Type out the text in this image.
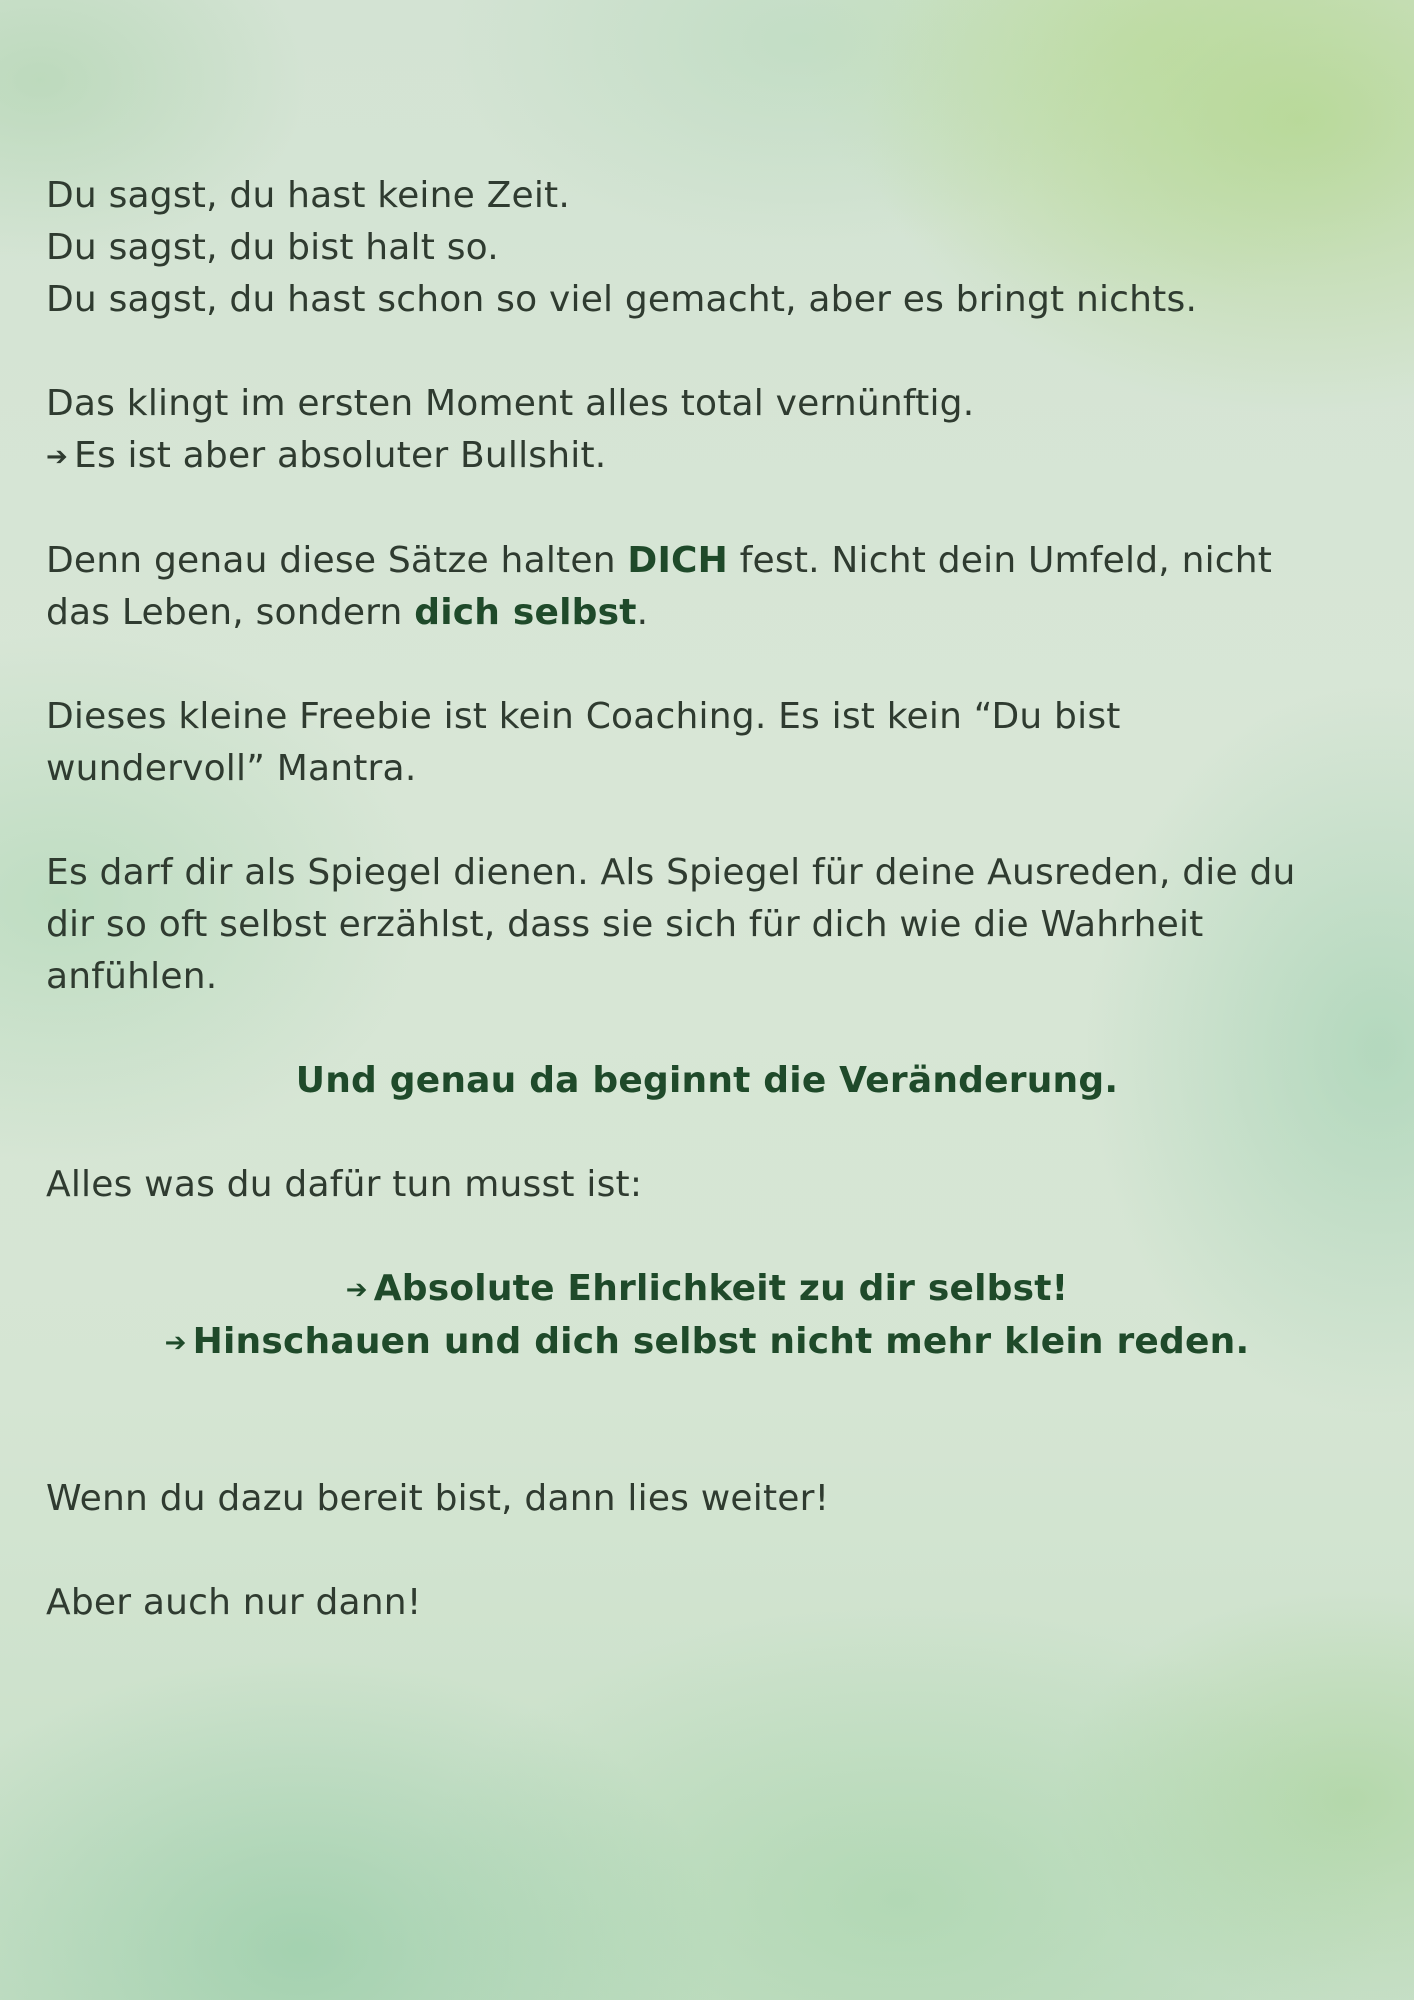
Du sagst, du hast keine Zeit.

Du sagst, du bist halt so.

Du sagst, du hast schon so viel gemacht, aber es bringt nichts.

Das klingt im ersten Moment alles total vernünftig.

➔ Es ist aber absoluter Bullshit.

Denn genau diese Sätze halten DICH fest. Nicht dein Umfeld, nicht

das Leben, sondern dich selbst.

Dieses kleine Freebie ist kein Coaching. Es ist kein “Du bist

wundervoll” Mantra.

Es darf dir als Spiegel dienen. Als Spiegel für deine Ausreden, die du

dir so oft selbst erzählst, dass sie sich für dich wie die Wahrheit

anfühlen.

Und genau da beginnt die Veränderung.

Alles was du dafür tun musst ist:

➔ Absolute Ehrlichkeit zu dir selbst!

➔ Hinschauen und dich selbst nicht mehr klein reden.

Wenn du dazu bereit bist, dann lies weiter!

Aber auch nur dann!
